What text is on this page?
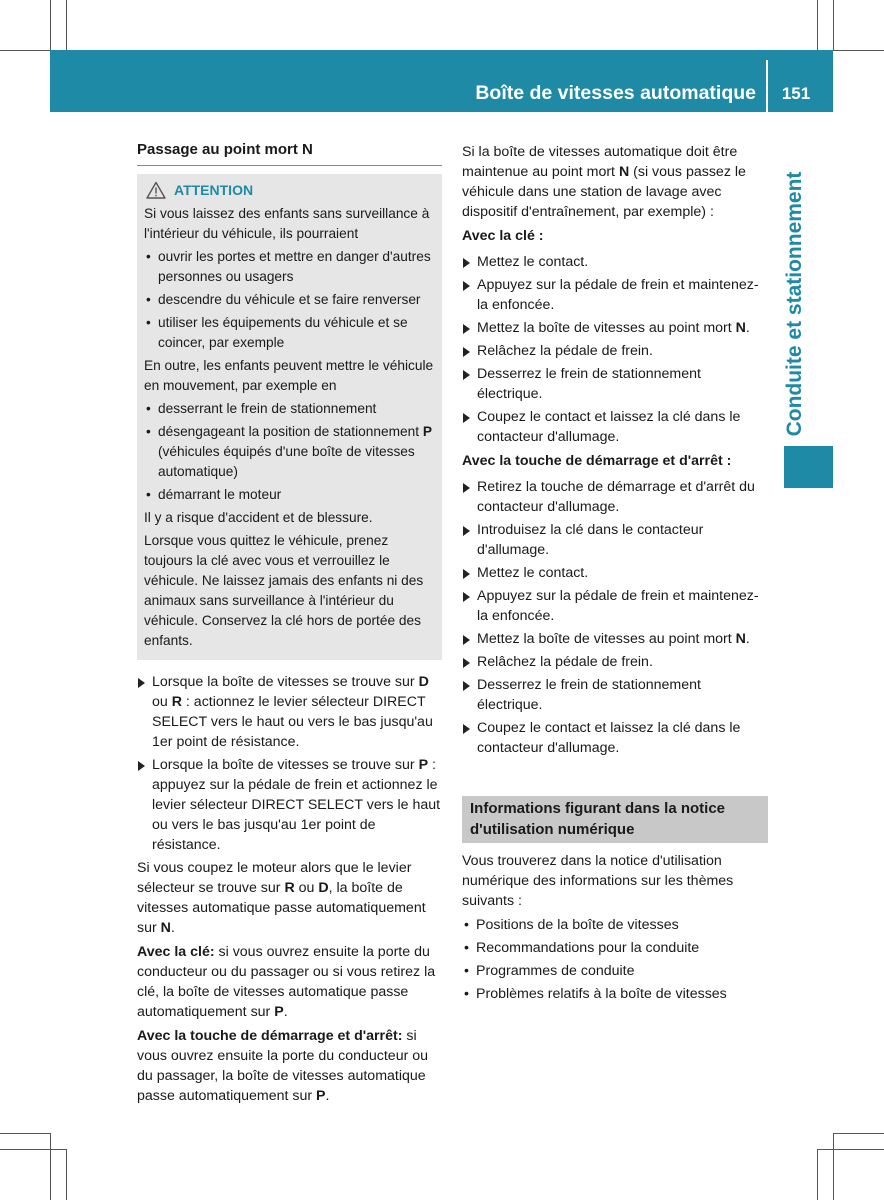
Boîte de vitesses automatique	151
Conduite et stationnement
Passage au point mort N
ATTENTION

Si vous laissez des enfants sans surveillance à l'intérieur du véhicule, ils pourraient

• ouvrir les portes et mettre en danger d'autres personnes ou usagers
• descendre du véhicule et se faire renverser
• utiliser les équipements du véhicule et se coincer, par exemple

En outre, les enfants peuvent mettre le véhicule en mouvement, par exemple en

• desserrant le frein de stationnement
• désengageant la position de stationnement P (véhicules équipés d'une boîte de vitesses automatique)
• démarrant le moteur

Il y a risque d'accident et de blessure.

Lorsque vous quittez le véhicule, prenez toujours la clé avec vous et verrouillez le véhicule. Ne laissez jamais des enfants ni des animaux sans surveillance à l'intérieur du véhicule. Conservez la clé hors de portée des enfants.

Lorsque la boîte de vitesses se trouve sur D ou R : actionnez le levier sélecteur DIRECT SELECT vers le haut ou vers le bas jusqu'au 1er point de résistance.
Lorsque la boîte de vitesses se trouve sur P : appuyez sur la pédale de frein et actionnez le levier sélecteur DIRECT SELECT vers le haut ou vers le bas jusqu'au 1er point de résistance.

Si vous coupez le moteur alors que le levier sélecteur se trouve sur R ou D, la boîte de vitesses automatique passe automatiquement sur N.

Avec la clé: si vous ouvrez ensuite la porte du conducteur ou du passager ou si vous retirez la clé, la boîte de vitesses automatique passe automatiquement sur P.

Avec la touche de démarrage et d'arrêt: si vous ouvrez ensuite la porte du conducteur ou du passager, la boîte de vitesses automatique passe automatiquement sur P.

Si la boîte de vitesses automatique doit être maintenue au point mort N (si vous passez le véhicule dans une station de lavage avec dispositif d'entraînement, par exemple) :

Avec la clé :
Mettez le contact.
Appuyez sur la pédale de frein et maintenez-la enfoncée.
Mettez la boîte de vitesses au point mort N.
Relâchez la pédale de frein.
Desserrez le frein de stationnement électrique.
Coupez le contact et laissez la clé dans le contacteur d'allumage.
Avec la touche de démarrage et d'arrêt :
Retirez la touche de démarrage et d'arrêt du contacteur d'allumage.
Introduisez la clé dans le contacteur d'allumage.
Mettez le contact.
Appuyez sur la pédale de frein et maintenez-la enfoncée.
Mettez la boîte de vitesses au point mort N.
Relâchez la pédale de frein.
Desserrez le frein de stationnement électrique.
Coupez le contact et laissez la clé dans le contacteur d'allumage.
Informations figurant dans la notice d'utilisation numérique

Vous trouverez dans la notice d'utilisation numérique des informations sur les thèmes suivants :

• Positions de la boîte de vitesses
• Recommandations pour la conduite
• Programmes de conduite
• Problèmes relatifs à la boîte de vitesses
